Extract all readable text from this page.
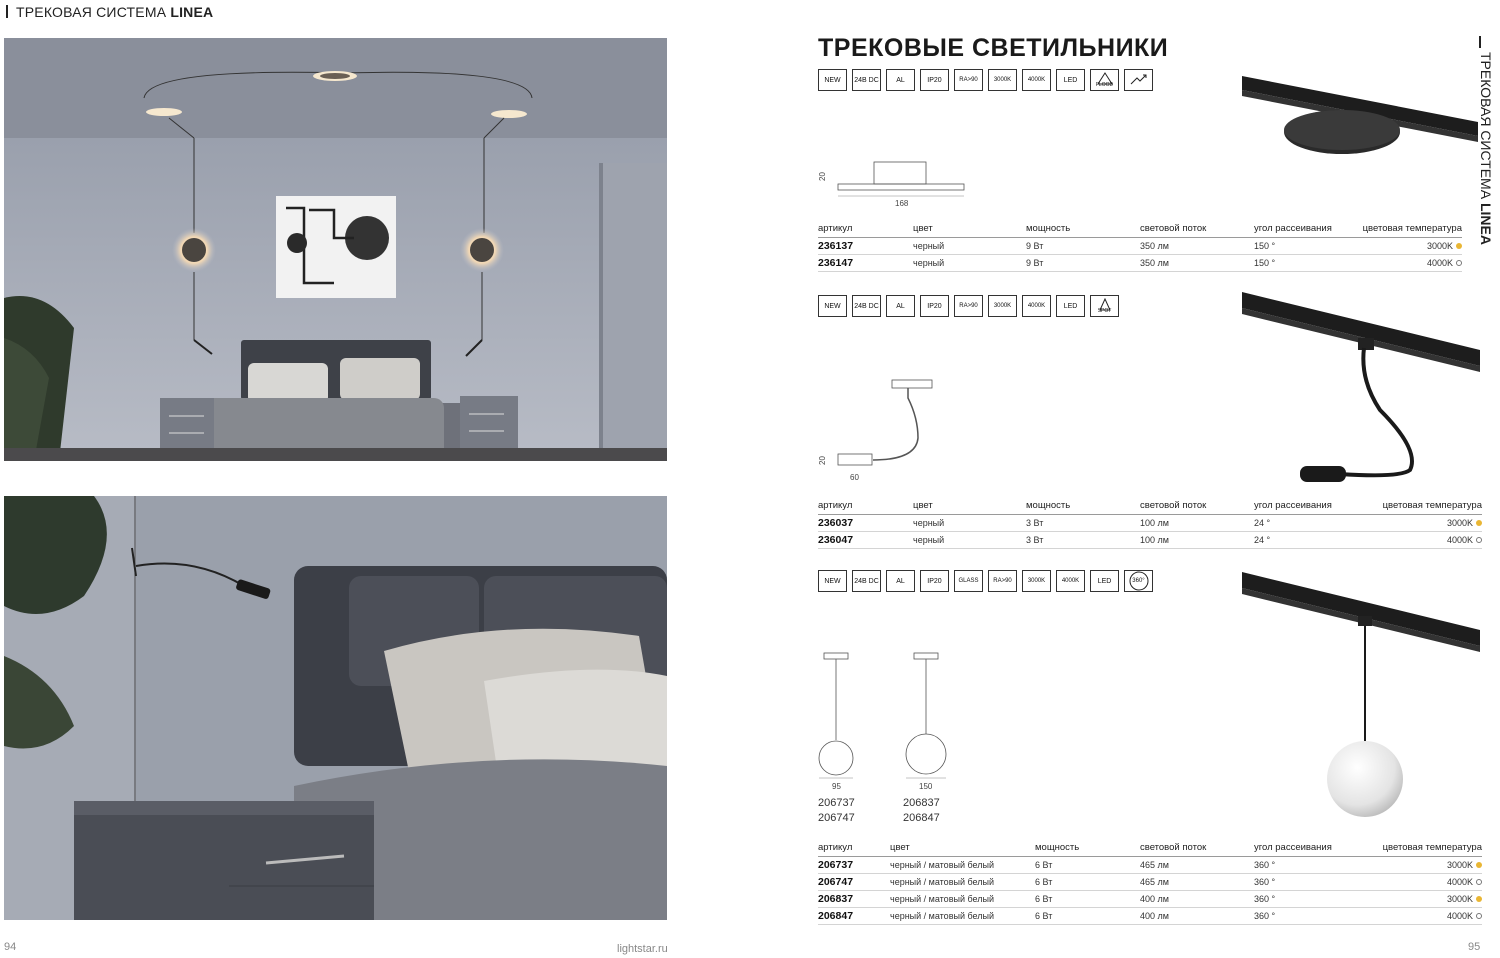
ТРЕКОВАЯ СИСТЕМА LINEA
94	lightstar.ru	95
ТРЕКОВЫЕ СВЕТИЛЬНИКИ
ТРЕКОВАЯ СИСТЕМА LINEA
NEW	24В DC	AL	IP20	RA>90	3000K	4000K	LED
FLOOD
20
168
артикул	цвет	мощность	световой поток	угол рассеивания	цветовая температура
236137	черный	9 Вт	350 лм	150 °	3000K
236147	черный	9 Вт	350 лм	150 °	4000K
NEW	24В DC	AL	IP20	RA>90	3000K	4000K	LED
SPOT
20
60
артикул	цвет	мощность	световой поток	угол рассеивания	цветовая температура
236037	черный	3 Вт	100 лм	24 °	3000K
236047	черный	3 Вт	100 лм	24 °	4000K
NEW	24В DC	AL	IP20	GLASS	RA>90	3000K	4000K	LED	360°
95	150
206737
206747
206837
206847
артикул	цвет	мощность	световой поток	угол рассеивания	цветовая температура
206737	черный / матовый белый	6 Вт	465 лм	360 °	3000K
206747	черный / матовый белый	6 Вт	465 лм	360 °	4000K
206837	черный / матовый белый	6 Вт	400 лм	360 °	3000K
206847	черный / матовый белый	6 Вт	400 лм	360 °	4000K
